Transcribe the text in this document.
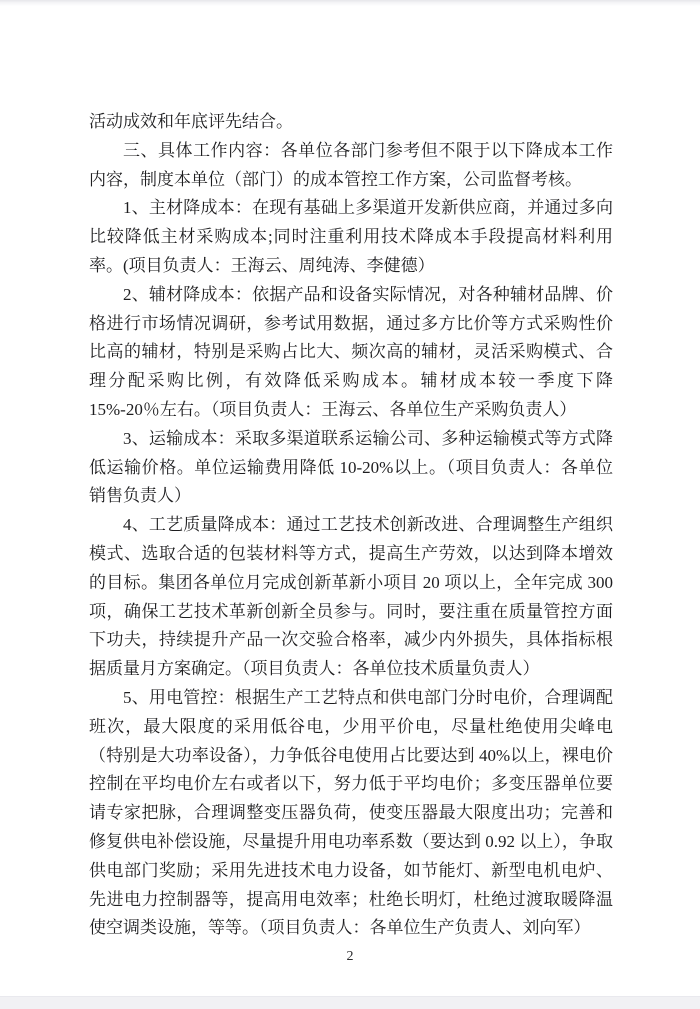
活动成效和年底评先结合。

三、具体工作内容：各单位各部门参考但不限于以下降成本工作内容，制度本单位（部门）的成本管控工作方案，公司监督考核。

1、主材降成本：在现有基础上多渠道开发新供应商，并通过多向比较降低主材采购成本;同时注重利用技术降成本手段提高材料利用率。(项目负责人：王海云、周纯涛、李健德）

2、辅材降成本：依据产品和设备实际情况，对各种辅材品牌、价格进行市场情况调研，参考试用数据，通过多方比价等方式采购性价比高的辅材，特别是采购占比大、频次高的辅材，灵活采购模式、合理分配采购比例，有效降低采购成本。辅材成本较一季度下降 15%-20％左右。（项目负责人：王海云、各单位生产采购负责人）

3、运输成本：采取多渠道联系运输公司、多种运输模式等方式降低运输价格。单位运输费用降低 10-20%以上。（项目负责人：各单位销售负责人）

4、工艺质量降成本：通过工艺技术创新改进、合理调整生产组织模式、选取合适的包装材料等方式，提高生产劳效，以达到降本增效的目标。集团各单位月完成创新革新小项目 20 项以上，全年完成 300 项，确保工艺技术革新创新全员参与。同时，要注重在质量管控方面下功夫，持续提升产品一次交验合格率，减少内外损失，具体指标根据质量月方案确定。（项目负责人：各单位技术质量负责人）

5、用电管控：根据生产工艺特点和供电部门分时电价，合理调配班次，最大限度的采用低谷电，少用平价电，尽量杜绝使用尖峰电（特别是大功率设备），力争低谷电使用占比要达到 40%以上，裸电价控制在平均电价左右或者以下，努力低于平均电价；多变压器单位要请专家把脉，合理调整变压器负荷，使变压器最大限度出功；完善和修复供电补偿设施，尽量提升用电功率系数（要达到 0.92 以上），争取供电部门奖励；采用先进技术电力设备，如节能灯、新型电机电炉、先进电力控制器等，提高用电效率；杜绝长明灯，杜绝过渡取暖降温使空调类设施，等等。（项目负责人：各单位生产负责人、刘向军）

2
